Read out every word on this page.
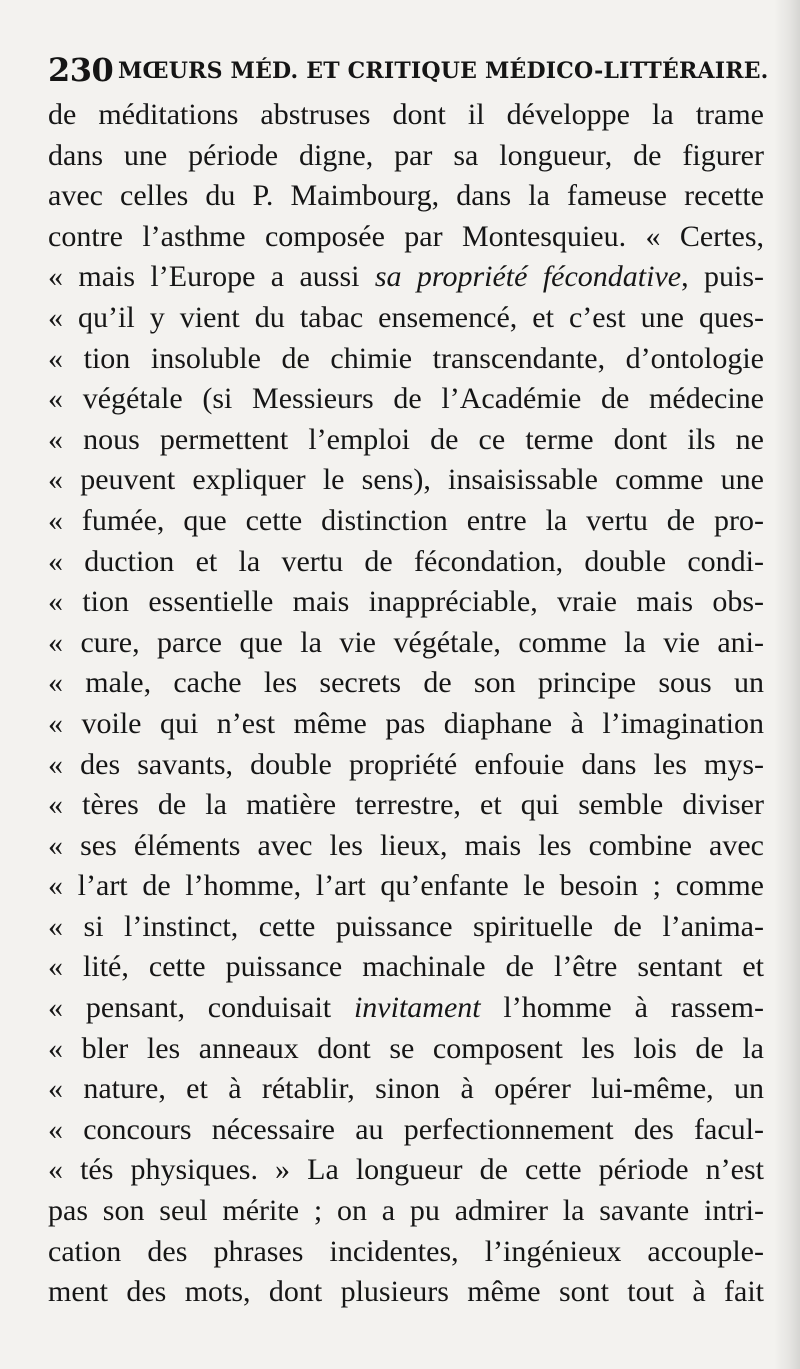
230 MŒURS MÉD. ET CRITIQUE MÉDICO-LITTÉRAIRE.
de méditations abstruses dont il développe la trame
dans une période digne, par sa longueur, de figurer
avec celles du P. Maimbourg, dans la fameuse recette
contre l’asthme composée par Montesquieu. « Certes,
« mais l’Europe a aussi sa propriété fécondative, puis-
« qu’il y vient du tabac ensemencé, et c’est une ques-
« tion insoluble de chimie transcendante, d’ontologie
« végétale (si Messieurs de l’Académie de médecine
« nous permettent l’emploi de ce terme dont ils ne
« peuvent expliquer le sens), insaisissable comme une
« fumée, que cette distinction entre la vertu de pro-
« duction et la vertu de fécondation, double condi-
« tion essentielle mais inappréciable, vraie mais obs-
« cure, parce que la vie végétale, comme la vie ani-
« male, cache les secrets de son principe sous un
« voile qui n’est même pas diaphane à l’imagination
« des savants, double propriété enfouie dans les mys-
« tères de la matière terrestre, et qui semble diviser
« ses éléments avec les lieux, mais les combine avec
« l’art de l’homme, l’art qu’enfante le besoin ; comme
« si l’instinct, cette puissance spirituelle de l’anima-
« lité, cette puissance machinale de l’être sentant et
« pensant, conduisait invitament l’homme à rassem-
« bler les anneaux dont se composent les lois de la
« nature, et à rétablir, sinon à opérer lui-même, un
« concours nécessaire au perfectionnement des facul-
« tés physiques. » La longueur de cette période n’est
pas son seul mérite ; on a pu admirer la savante intri-
cation des phrases incidentes, l’ingénieux accouple-
ment des mots, dont plusieurs même sont tout à fait
